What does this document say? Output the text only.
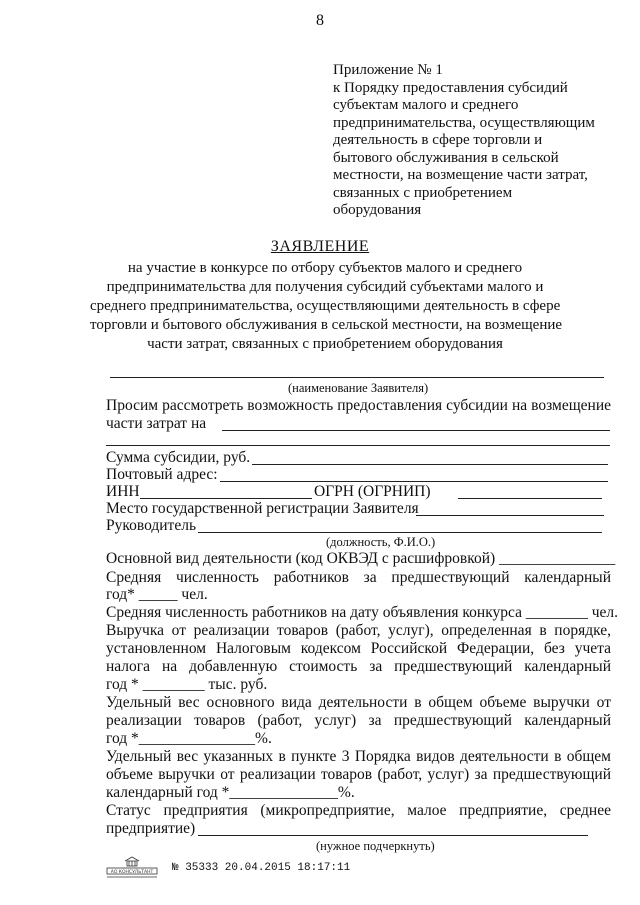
8
Приложение № 1
к Порядку предоставления субсидий
субъектам малого и среднего
предпринимательства, осуществляющим
деятельность в сфере торговли и
бытового обслуживания в сельской
местности, на возмещение части затрат,
связанных с приобретением
оборудования
ЗАЯВЛЕНИЕ
на участие в конкурсе по отбору субъектов малого и среднего
предпринимательства для получения субсидий субъектами малого и
среднего предпринимательства, осуществляющими деятельность в сфере
торговли и бытового обслуживания в сельской местности, на возмещение
части затрат, связанных с приобретением оборудования
(наименование Заявителя)
Просим рассмотреть возможность предоставления субсидии на возмещение
части затрат на
Сумма субсидии, руб.
Почтовый адрес:
ИНН	ОГРН (ОГРНИП)
Место государственной регистрации Заявителя
Руководитель
(должность, Ф.И.О.)
Основной вид деятельности (код ОКВЭД с расшифровкой) _______________
Средняя численность работников за предшествующий календарный
год* _____ чел.
Средняя численность работников на дату объявления конкурса ________ чел.
Выручка от реализации товаров (работ, услуг), определенная в порядке,
установленном Налоговым кодексом Российской Федерации, без учета
налога на добавленную стоимость за предшествующий календарный
год * ________ тыс. руб.
Удельный вес основного вида деятельности в общем объеме выручки от
реализации товаров (работ, услуг) за предшествующий календарный
год *_______________%.
Удельный вес указанных в пункте 3 Порядка видов деятельности в общем
объеме выручки от реализации товаров (работ, услуг) за предшествующий
календарный год *______________%.
Статус предприятия (микропредприятие, малое предприятие, среднее
предприятие)
(нужное подчеркнуть)
АО КОНСУЛЬТАНТ № 35333 20.04.2015 18:17:11
